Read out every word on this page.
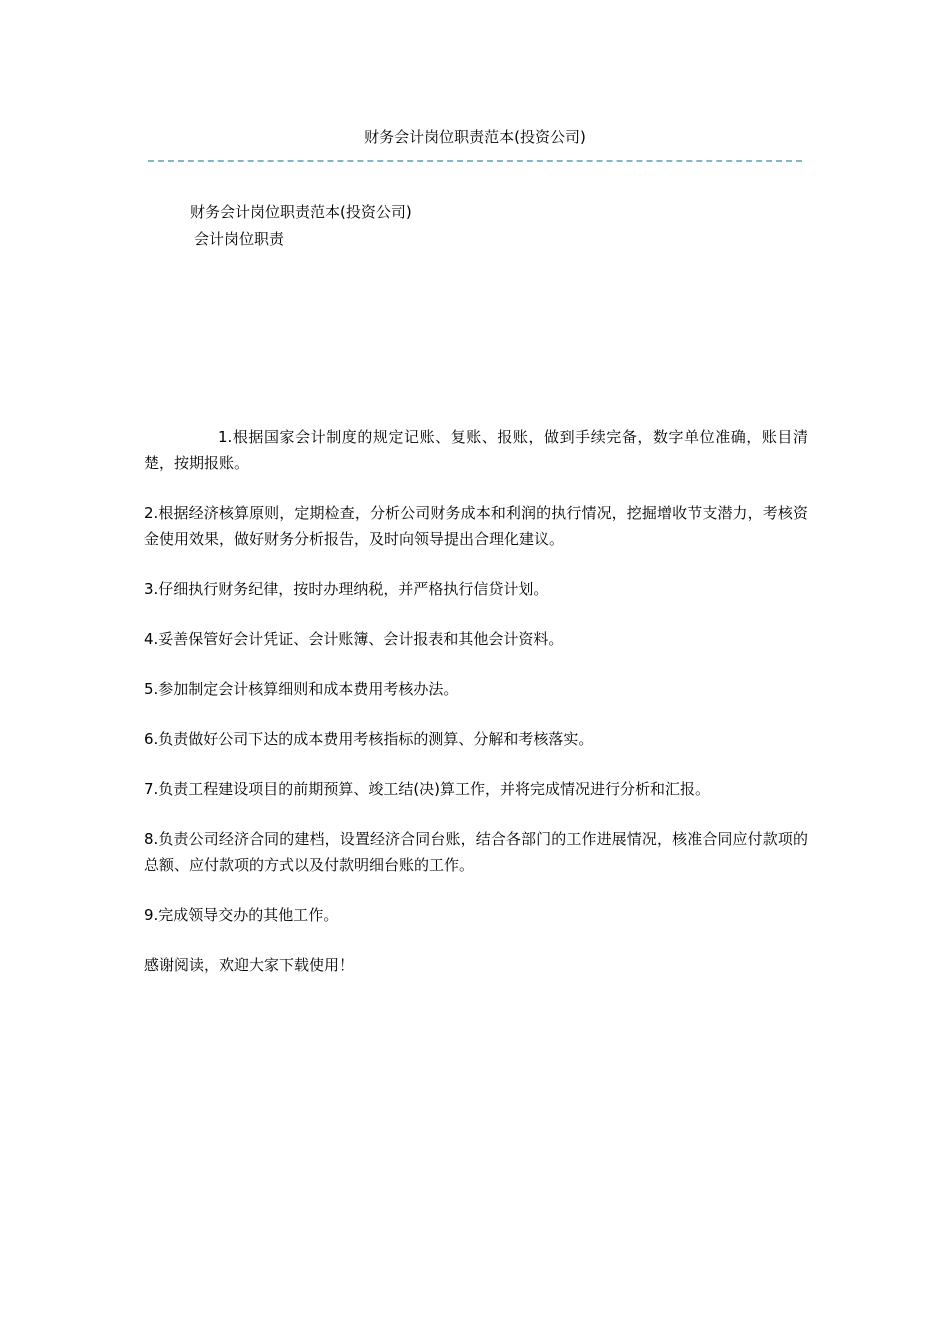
财务会计岗位职责范本(投资公司)
财务会计岗位职责范本(投资公司)
会计岗位职责

1.根据国家会计制度的规定记账、复账、报账，做到手续完备，数字单位准确，账目清楚，按期报账。

2.根据经济核算原则，定期检查，分析公司财务成本和利润的执行情况，挖掘增收节支潜力，考核资金使用效果，做好财务分析报告，及时向领导提出合理化建议。

3.仔细执行财务纪律，按时办理纳税，并严格执行信贷计划。

4.妥善保管好会计凭证、会计账簿、会计报表和其他会计资料。

5.参加制定会计核算细则和成本费用考核办法。

6.负责做好公司下达的成本费用考核指标的测算、分解和考核落实。

7.负责工程建设项目的前期预算、竣工结(决)算工作，并将完成情况进行分析和汇报。

8.负责公司经济合同的建档，设置经济合同台账，结合各部门的工作进展情况，核准合同应付款项的总额、应付款项的方式以及付款明细台账的工作。

9.完成领导交办的其他工作。

感谢阅读，欢迎大家下载使用！
